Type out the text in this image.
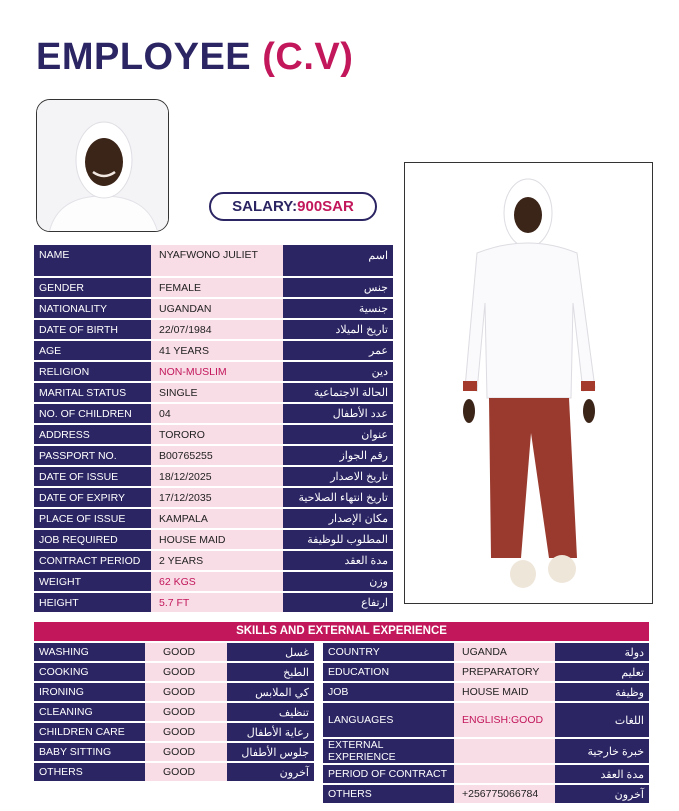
EMPLOYEE (C.V)
SALARY:900SAR
NAME	NYAFWONO JULIET	اسم
GENDER	FEMALE	جنس
NATIONALITY	UGANDAN	جنسية
DATE OF BIRTH	22/07/1984	تاريخ الميلاد
AGE	41 YEARS	عمر
RELIGION	NON-MUSLIM	دين
MARITAL STATUS	SINGLE	الحالة الاجتماعية
NO. OF CHILDREN	04	عدد الأطفال
ADDRESS	TORORO	عنوان
PASSPORT NO.	B00765255	رقم الجواز
DATE OF ISSUE	18/12/2025	تاريخ الاصدار
DATE OF EXPIRY	17/12/2035	تاريخ انتهاء الصلاحية
PLACE OF ISSUE	KAMPALA	مكان الإصدار
JOB REQUIRED	HOUSE MAID	المطلوب للوظيفة
CONTRACT PERIOD	2 YEARS	مدة العقد
WEIGHT	62 KGS	وزن
HEIGHT	5.7 FT	ارتفاع
SKILLS AND EXTERNAL EXPERIENCE
WASHING	GOOD	غسل
COOKING	GOOD	الطبخ
IRONING	GOOD	كي الملابس
CLEANING	GOOD	تنظيف
CHILDREN CARE	GOOD	رعاية الأطفال
BABY SITTING	GOOD	جلوس الأطفال
OTHERS	GOOD	آخرون
COUNTRY	UGANDA	دولة
EDUCATION	PREPARATORY	تعليم
JOB	HOUSE MAID	وظيفة
LANGUAGES	ENGLISH:GOOD	اللغات
EXTERNAL EXPERIENCE		خبرة خارجية
PERIOD OF CONTRACT		مدة العقد
OTHERS	+256775066784	آخرون
